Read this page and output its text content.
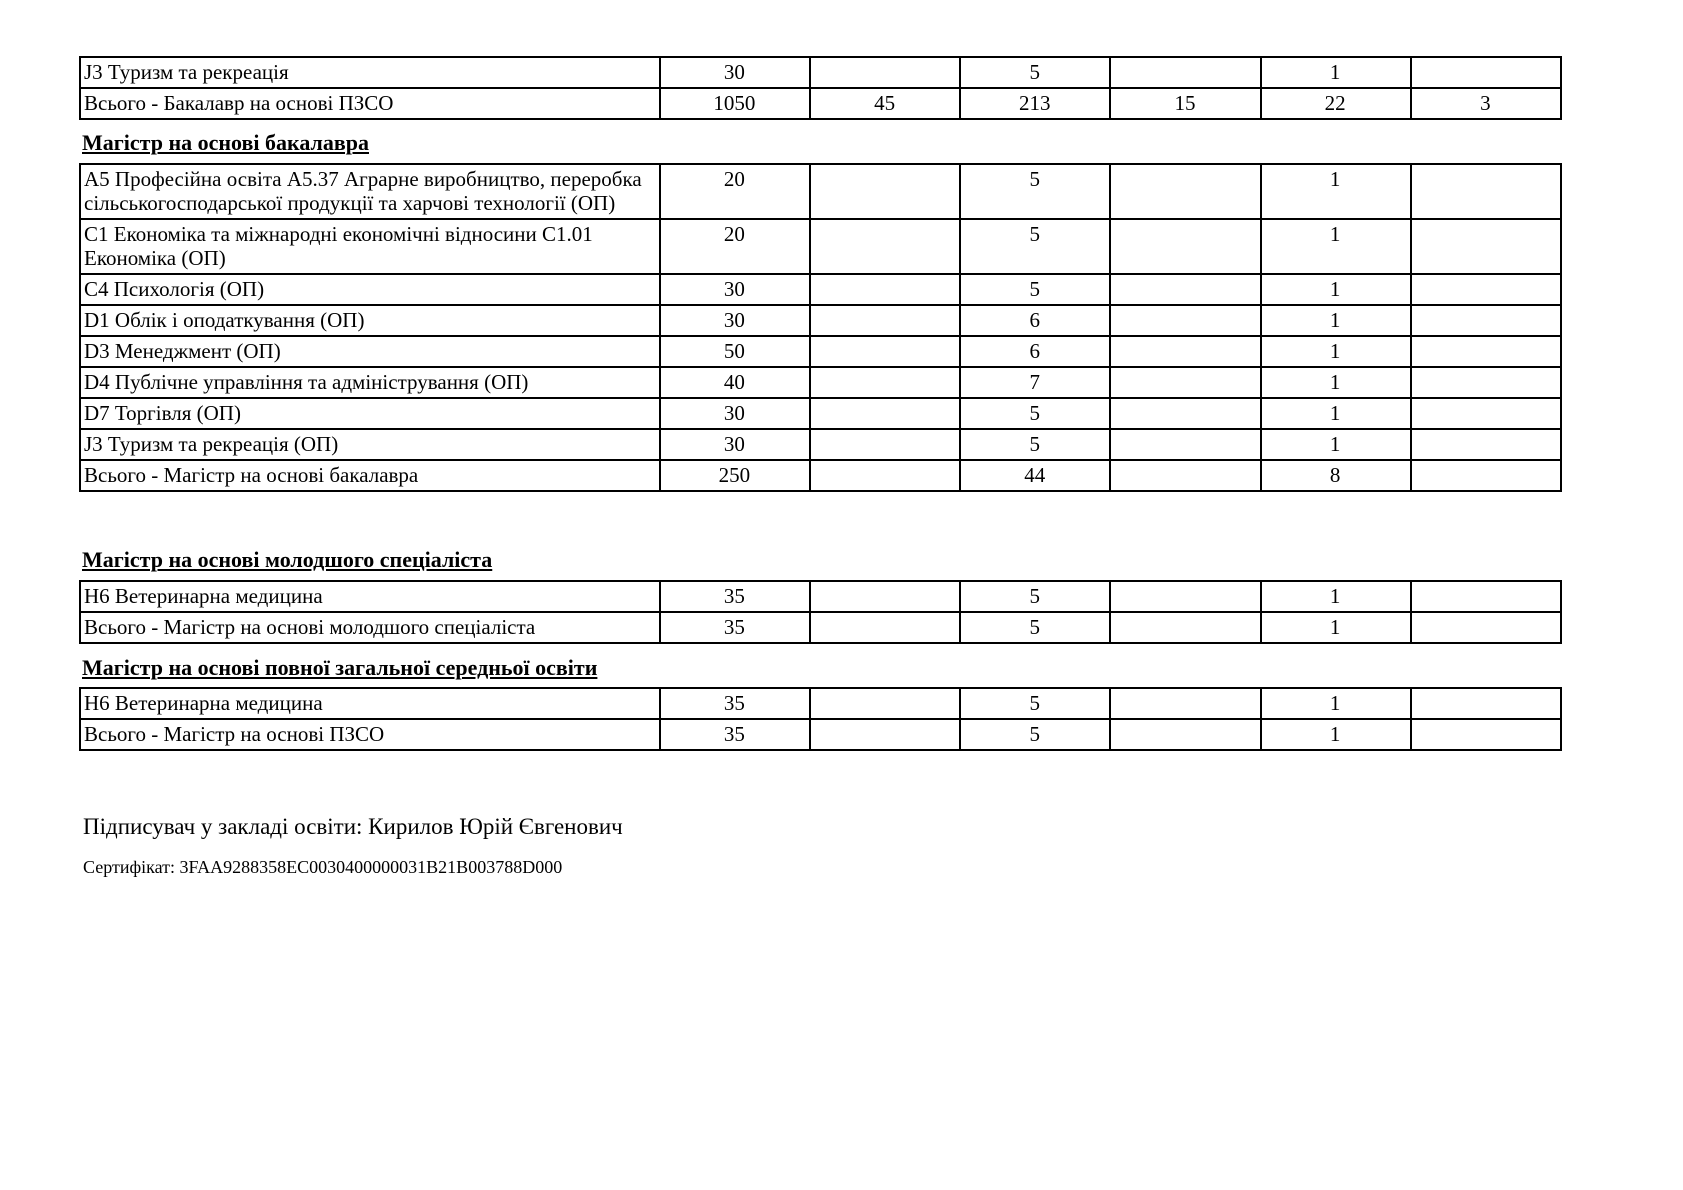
J3 Туризм та рекреація	30		5		1	
Всього - Бакалавр на основі ПЗСО	1050	45	213	15	22	3
Магістр на основі бакалавра
A5 Професійна освіта A5.37 Аграрне виробництво, переробка сільськогосподарської продукції та харчові технології (ОП)	20		5		1	
C1 Економіка та міжнародні економічні відносини C1.01 Економіка (ОП)	20		5		1	
C4 Психологія (ОП)	30		5		1	
D1 Облік і оподаткування (ОП)	30		6		1	
D3 Менеджмент (ОП)	50		6		1	
D4 Публічне управління та адміністрування (ОП)	40		7		1	
D7 Торгівля (ОП)	30		5		1	
J3 Туризм та рекреація (ОП)	30		5		1	
Всього - Магістр на основі бакалавра	250		44		8	
Магістр на основі молодшого спеціаліста
H6 Ветеринарна медицина	35		5		1	
Всього - Магістр на основі молодшого спеціаліста	35		5		1	
Магістр на основі повної загальної середньої освіти
H6 Ветеринарна медицина	35		5		1	
Всього - Магістр на основі ПЗСО	35		5		1	
Підписувач у закладі освіти: Кирилов Юрій Євгенович
Сертифікат: 3FAA9288358EC0030400000031B21B003788D000
